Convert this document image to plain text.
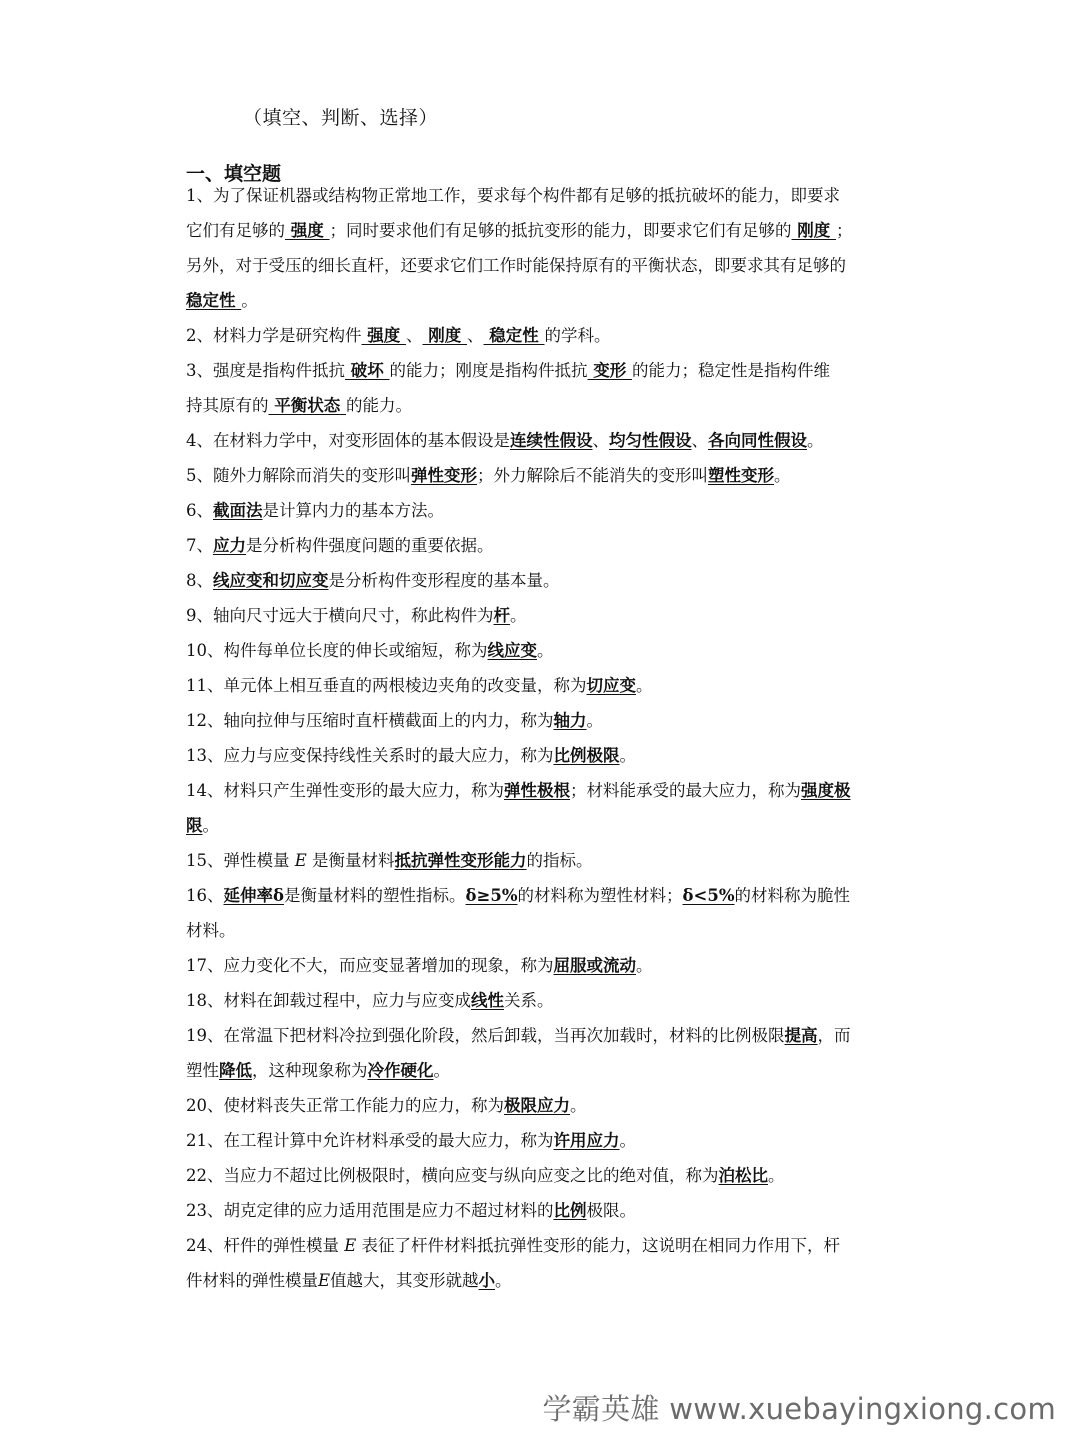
（填空、判断、选择）
一、填空题
1、为了保证机器或结构物正常地工作，要求每个构件都有足够的抵抗破坏的能力，即要求
它们有足够的 强度 ；同时要求他们有足够的抵抗变形的能力，即要求它们有足够的 刚度 ；
另外，对于受压的细长直杆，还要求它们工作时能保持原有的平衡状态，即要求其有足够的
稳定性 。
2、材料力学是研究构件 强度 、 刚度 、 稳定性 的学科。
3、强度是指构件抵抗 破坏 的能力；刚度是指构件抵抗 变形 的能力；稳定性是指构件维
持其原有的 平衡状态 的能力。
4、在材料力学中，对变形固体的基本假设是连续性假设、均匀性假设、各向同性假设。
5、随外力解除而消失的变形叫弹性变形；外力解除后不能消失的变形叫塑性变形。
6、截面法是计算内力的基本方法。
7、应力是分析构件强度问题的重要依据。
8、线应变和切应变是分析构件变形程度的基本量。
9、轴向尺寸远大于横向尺寸，称此构件为杆。
10、构件每单位长度的伸长或缩短，称为线应变。
11、单元体上相互垂直的两根棱边夹角的改变量，称为切应变。
12、轴向拉伸与压缩时直杆横截面上的内力，称为轴力。
13、应力与应变保持线性关系时的最大应力，称为比例极限。
14、材料只产生弹性变形的最大应力，称为弹性极根；材料能承受的最大应力，称为强度极
限。
15、弹性模量 E 是衡量材料抵抗弹性变形能力的指标。
16、延伸率δ是衡量材料的塑性指标。δ≥5%的材料称为塑性材料；δ<5%的材料称为脆性
材料。
17、应力变化不大，而应变显著增加的现象，称为屈服或流动。
18、材料在卸载过程中，应力与应变成线性关系。
19、在常温下把材料冷拉到强化阶段，然后卸载，当再次加载时，材料的比例极限提高，而
塑性降低，这种现象称为冷作硬化。
20、使材料丧失正常工作能力的应力，称为极限应力。
21、在工程计算中允许材料承受的最大应力，称为许用应力。
22、当应力不超过比例极限时，横向应变与纵向应变之比的绝对值，称为泊松比。
23、胡克定律的应力适用范围是应力不超过材料的比例极限。
24、杆件的弹性模量 E 表征了杆件材料抵抗弹性变形的能力，这说明在相同力作用下，杆
件材料的弹性模量E值越大，其变形就越小。
学霸英雄 www.xuebayingxiong.com
